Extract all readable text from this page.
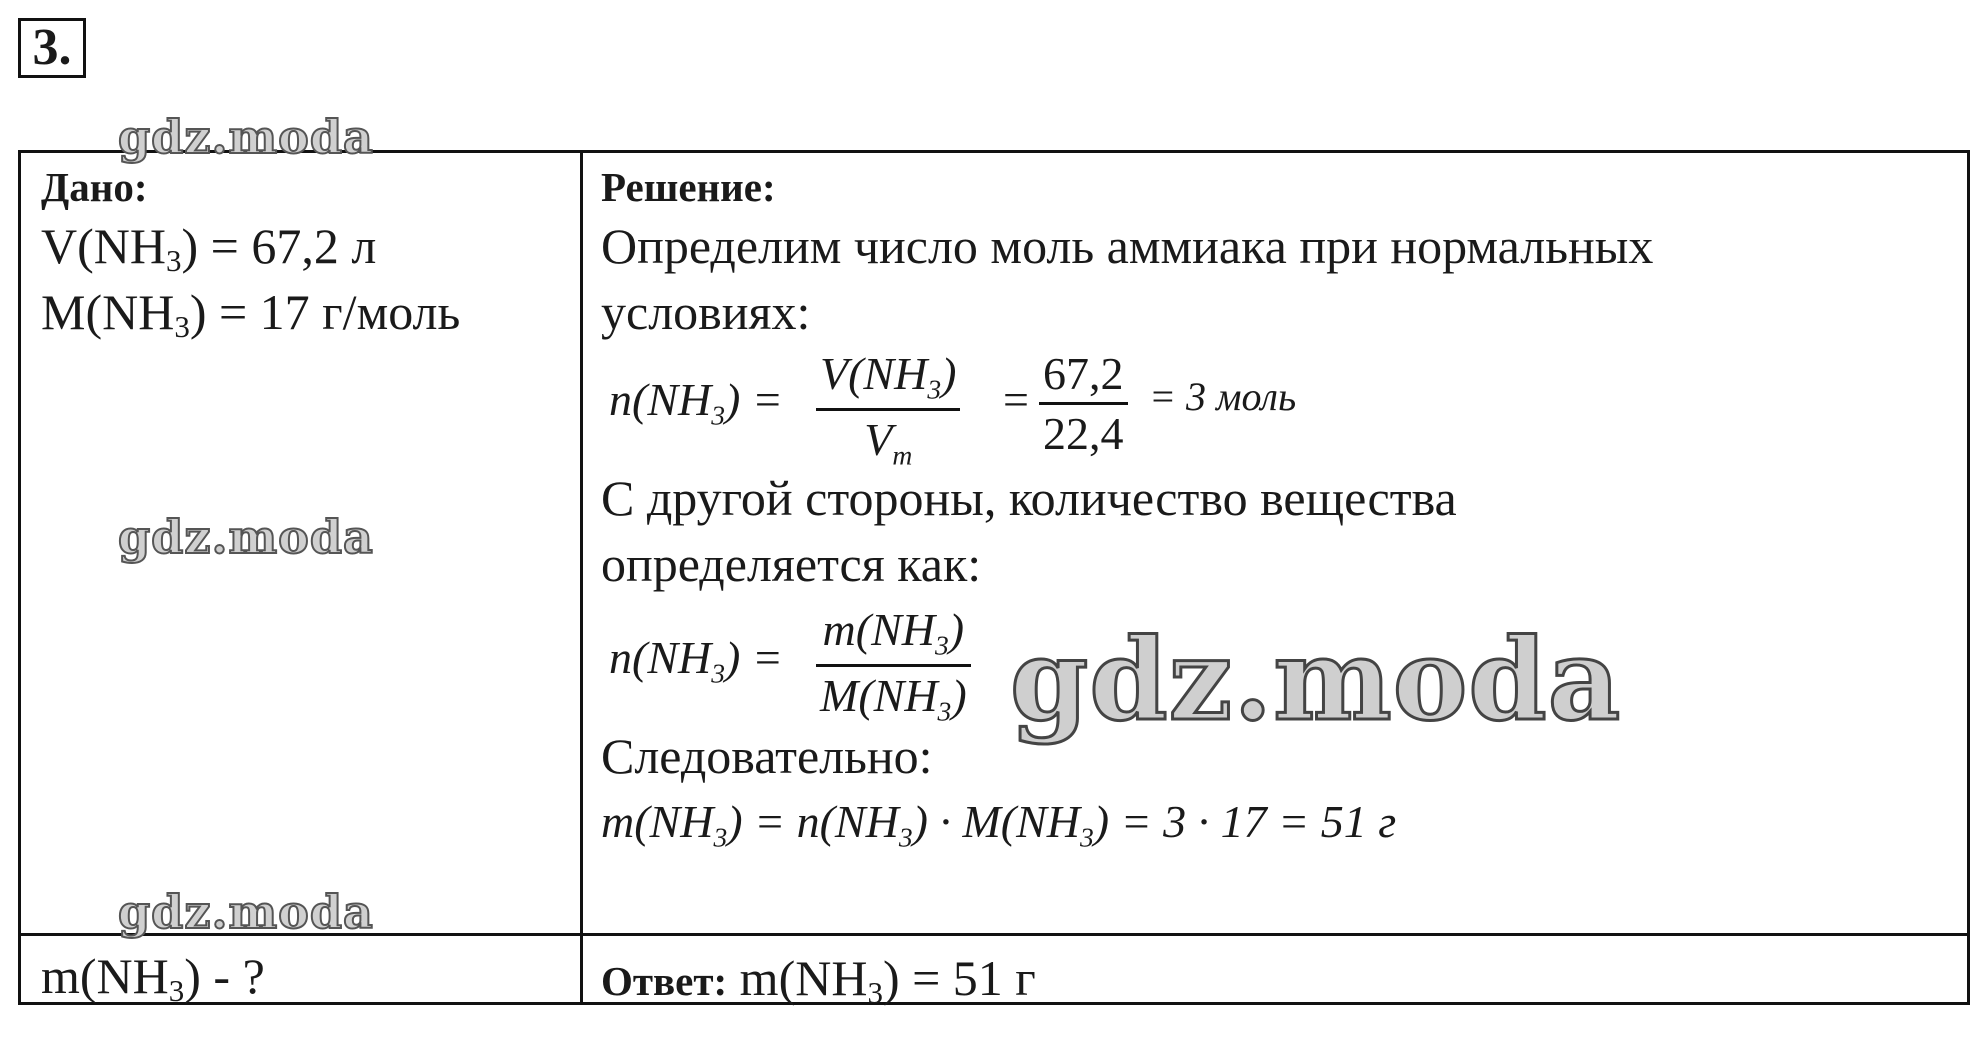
3.
Дано:
$V(NH_3) = 67,2$ л
$M(NH_3) = 17$ г/моль
Решение:
Определим число моль аммиака при нормальных
условиях:
$n(NH_3)$ =
$V(NH_3)$
$V_m$
=
67,2
22,4
= 3 моль
С другой стороны, количество вещества
определяется как:
$n(NH_3)$ =
$m(NH_3)$
$M(NH_3)$
Следовательно:
$m(NH_3) = n(NH_3) \cdot M(NH_3) = 3 \cdot 17 = 51$ г
$m(NH_3)$ - ?	Ответ: $m(NH_3) = 51$ г
gdz.moda
gdz.moda
gdz.moda
gdz.moda
